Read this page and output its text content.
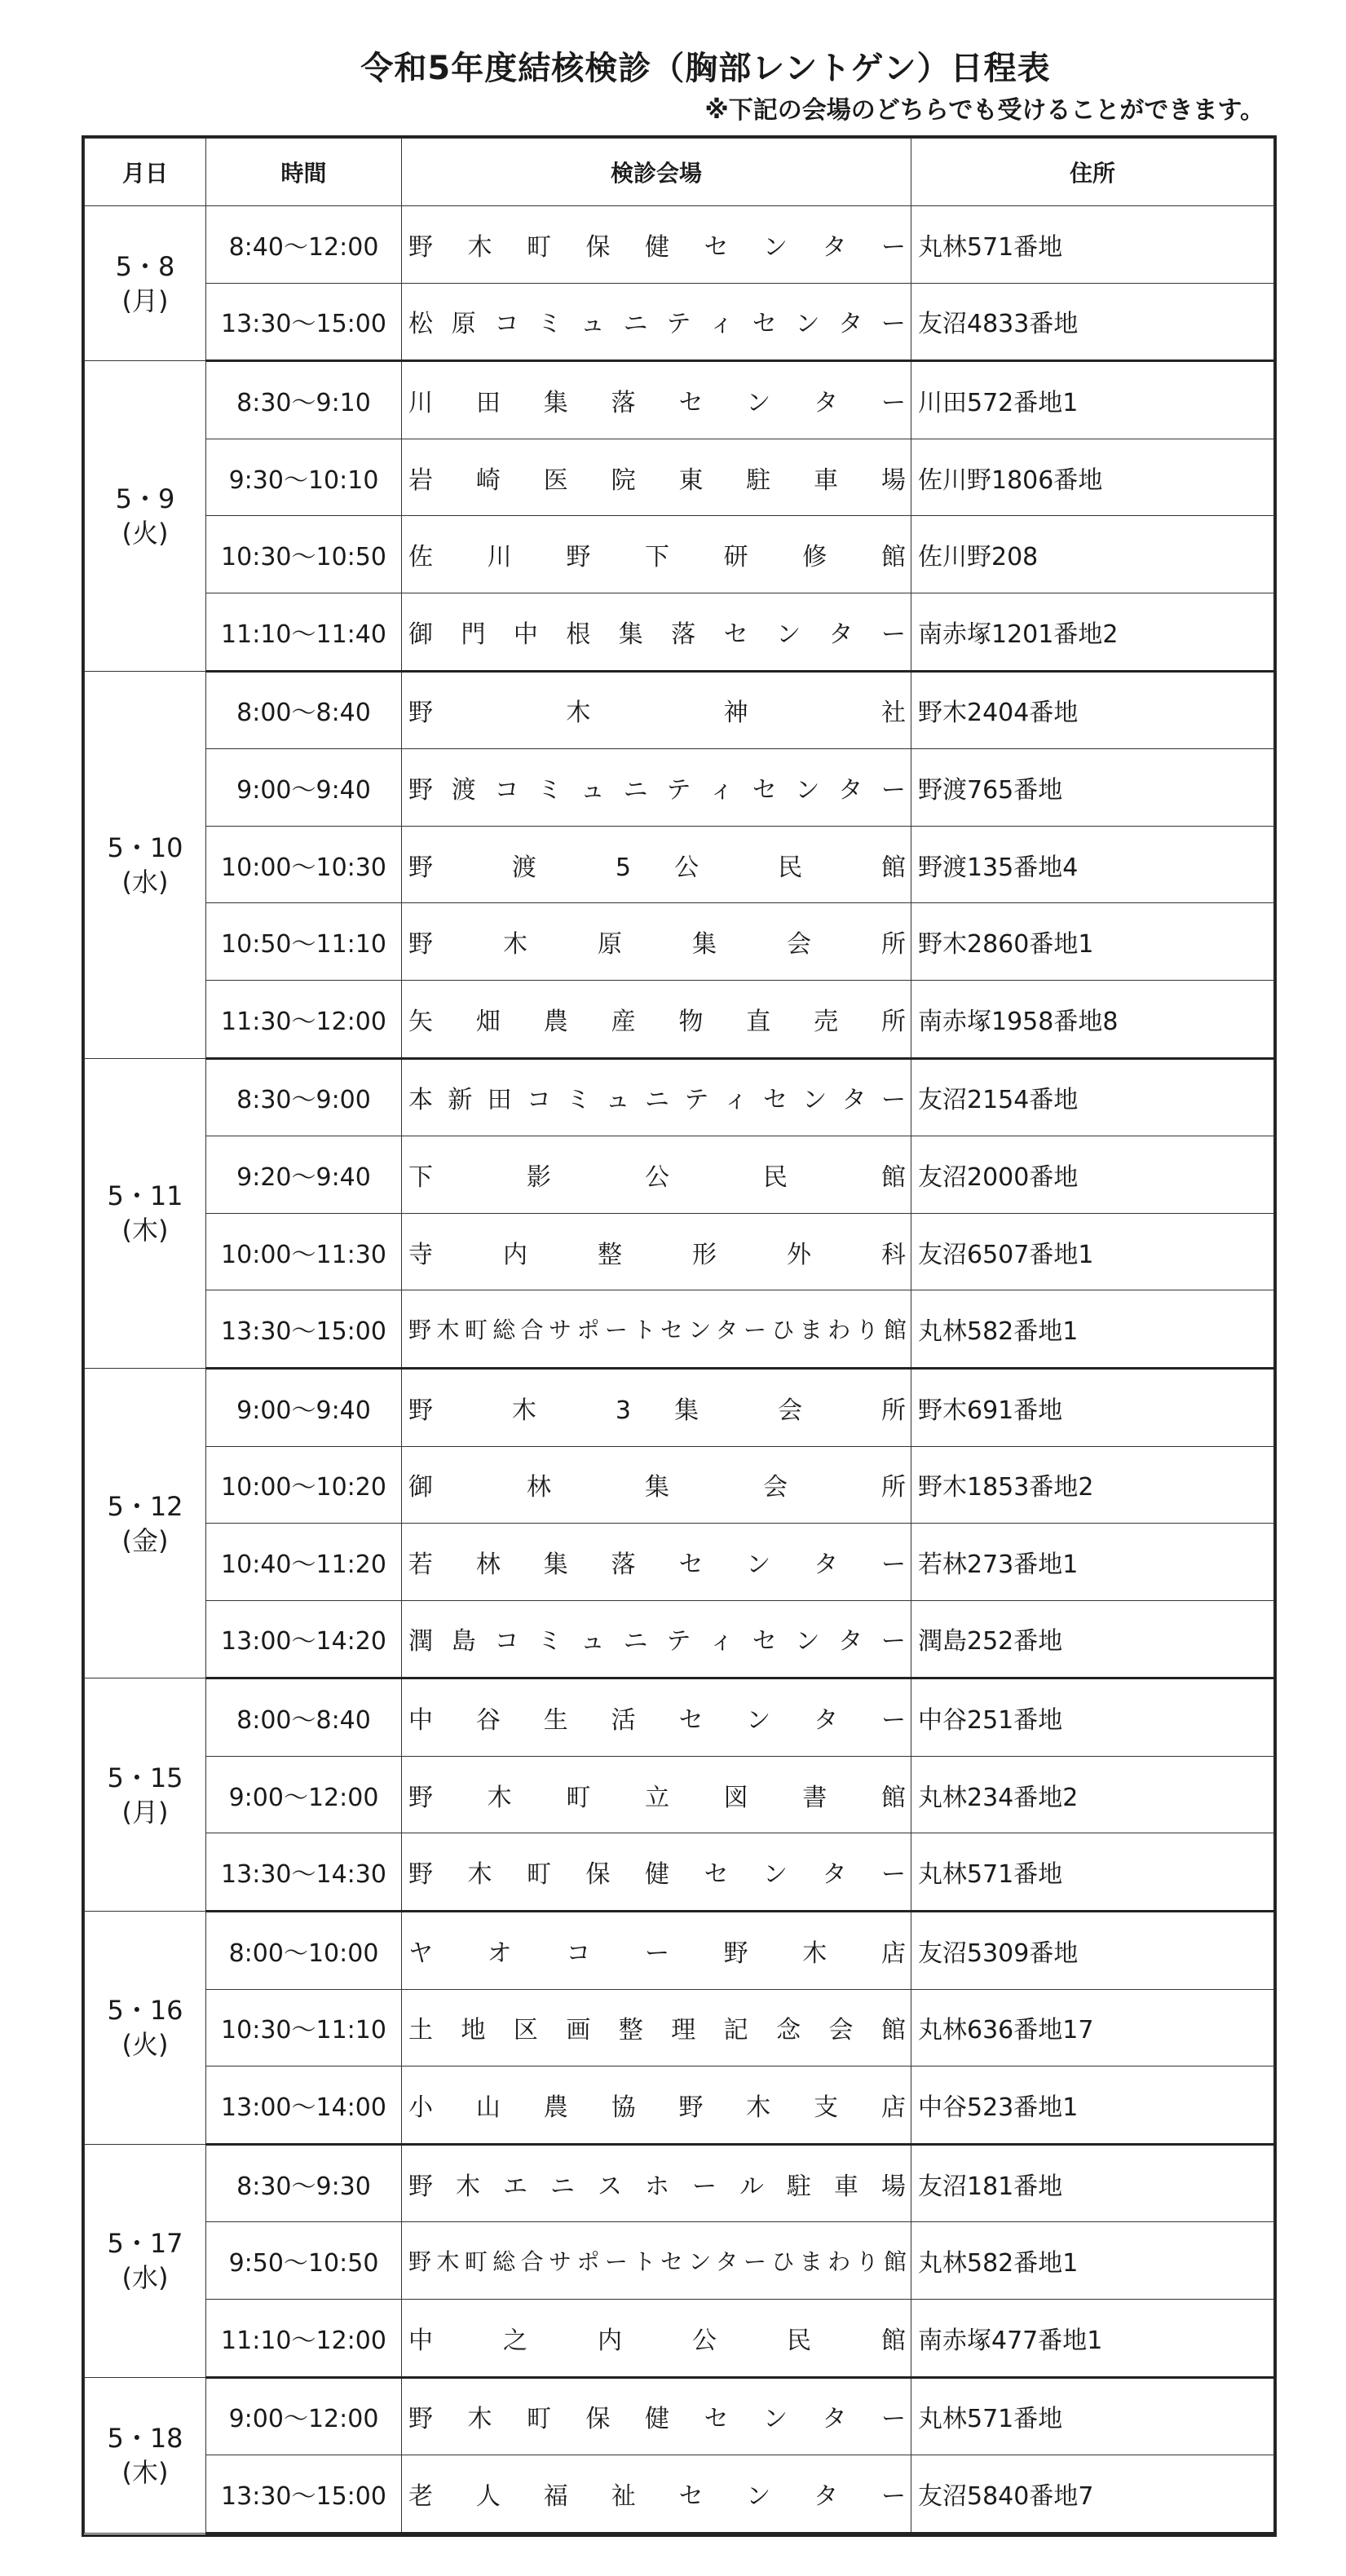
令和5年度結核検診（胸部レントゲン）日程表
※下記の会場のどちらでも受けることができます。
月日	時間	検診会場	住所

5・8
(月)	8:40〜12:00	野 木 町 保 健 セ ン タ ー	丸林571番地
	13:30〜15:00	松 原 コ ミ ュ ニ テ ィ セ ン タ ー	友沼4833番地

5・9
(火)	8:30〜9:10	川 田 集 落 セ ン タ ー	川田572番地1
	9:30〜10:10	岩 崎 医 院 東 駐 車 場	佐川野1806番地
	10:30〜10:50	佐 川 野 下 研 修 館	佐川野208
	11:10〜11:40	御 門 中 根 集 落 セ ン タ ー	南赤塚1201番地2

5・10
(水)	8:00〜8:40	野 木 神 社	野木2404番地
	9:00〜9:40	野 渡 コ ミ ュ ニ テ ィ セ ン タ ー	野渡765番地
	10:00〜10:30	野 渡 5 公 民 館	野渡135番地4
	10:50〜11:10	野 木 原 集 会 所	野木2860番地1
	11:30〜12:00	矢 畑 農 産 物 直 売 所	南赤塚1958番地8

5・11
(木)	8:30〜9:00	本 新 田 コ ミ ュ ニ テ ィ セ ン タ ー	友沼2154番地
	9:20〜9:40	下 影 公 民 館	友沼2000番地
	10:00〜11:30	寺 内 整 形 外 科	友沼6507番地1
	13:30〜15:00	野木町総合サポートセンターひまわり館	丸林582番地1

5・12
(金)	9:00〜9:40	野 木 3 集 会 所	野木691番地
	10:00〜10:20	御 林 集 会 所	野木1853番地2
	10:40〜11:20	若 林 集 落 セ ン タ ー	若林273番地1
	13:00〜14:20	潤 島 コ ミ ュ ニ テ ィ セ ン タ ー	潤島252番地

5・15
(月)	8:00〜8:40	中 谷 生 活 セ ン タ ー	中谷251番地
	9:00〜12:00	野 木 町 立 図 書 館	丸林234番地2
	13:30〜14:30	野 木 町 保 健 セ ン タ ー	丸林571番地

5・16
(火)	8:00〜10:00	ヤ オ コ ー 野 木 店	友沼5309番地
	10:30〜11:10	土 地 区 画 整 理 記 念 会 館	丸林636番地17
	13:00〜14:00	小 山 農 協 野 木 支 店	中谷523番地1

5・17
(水)	8:30〜9:30	野 木 エ ニ ス ホ ー ル 駐 車 場	友沼181番地
	9:50〜10:50	野木町総合サポートセンターひまわり館	丸林582番地1
	11:10〜12:00	中 之 内 公 民 館	南赤塚477番地1

5・18
(木)	9:00〜12:00	野 木 町 保 健 セ ン タ ー	丸林571番地
	13:30〜15:00	老 人 福 祉 セ ン タ ー	友沼5840番地7
